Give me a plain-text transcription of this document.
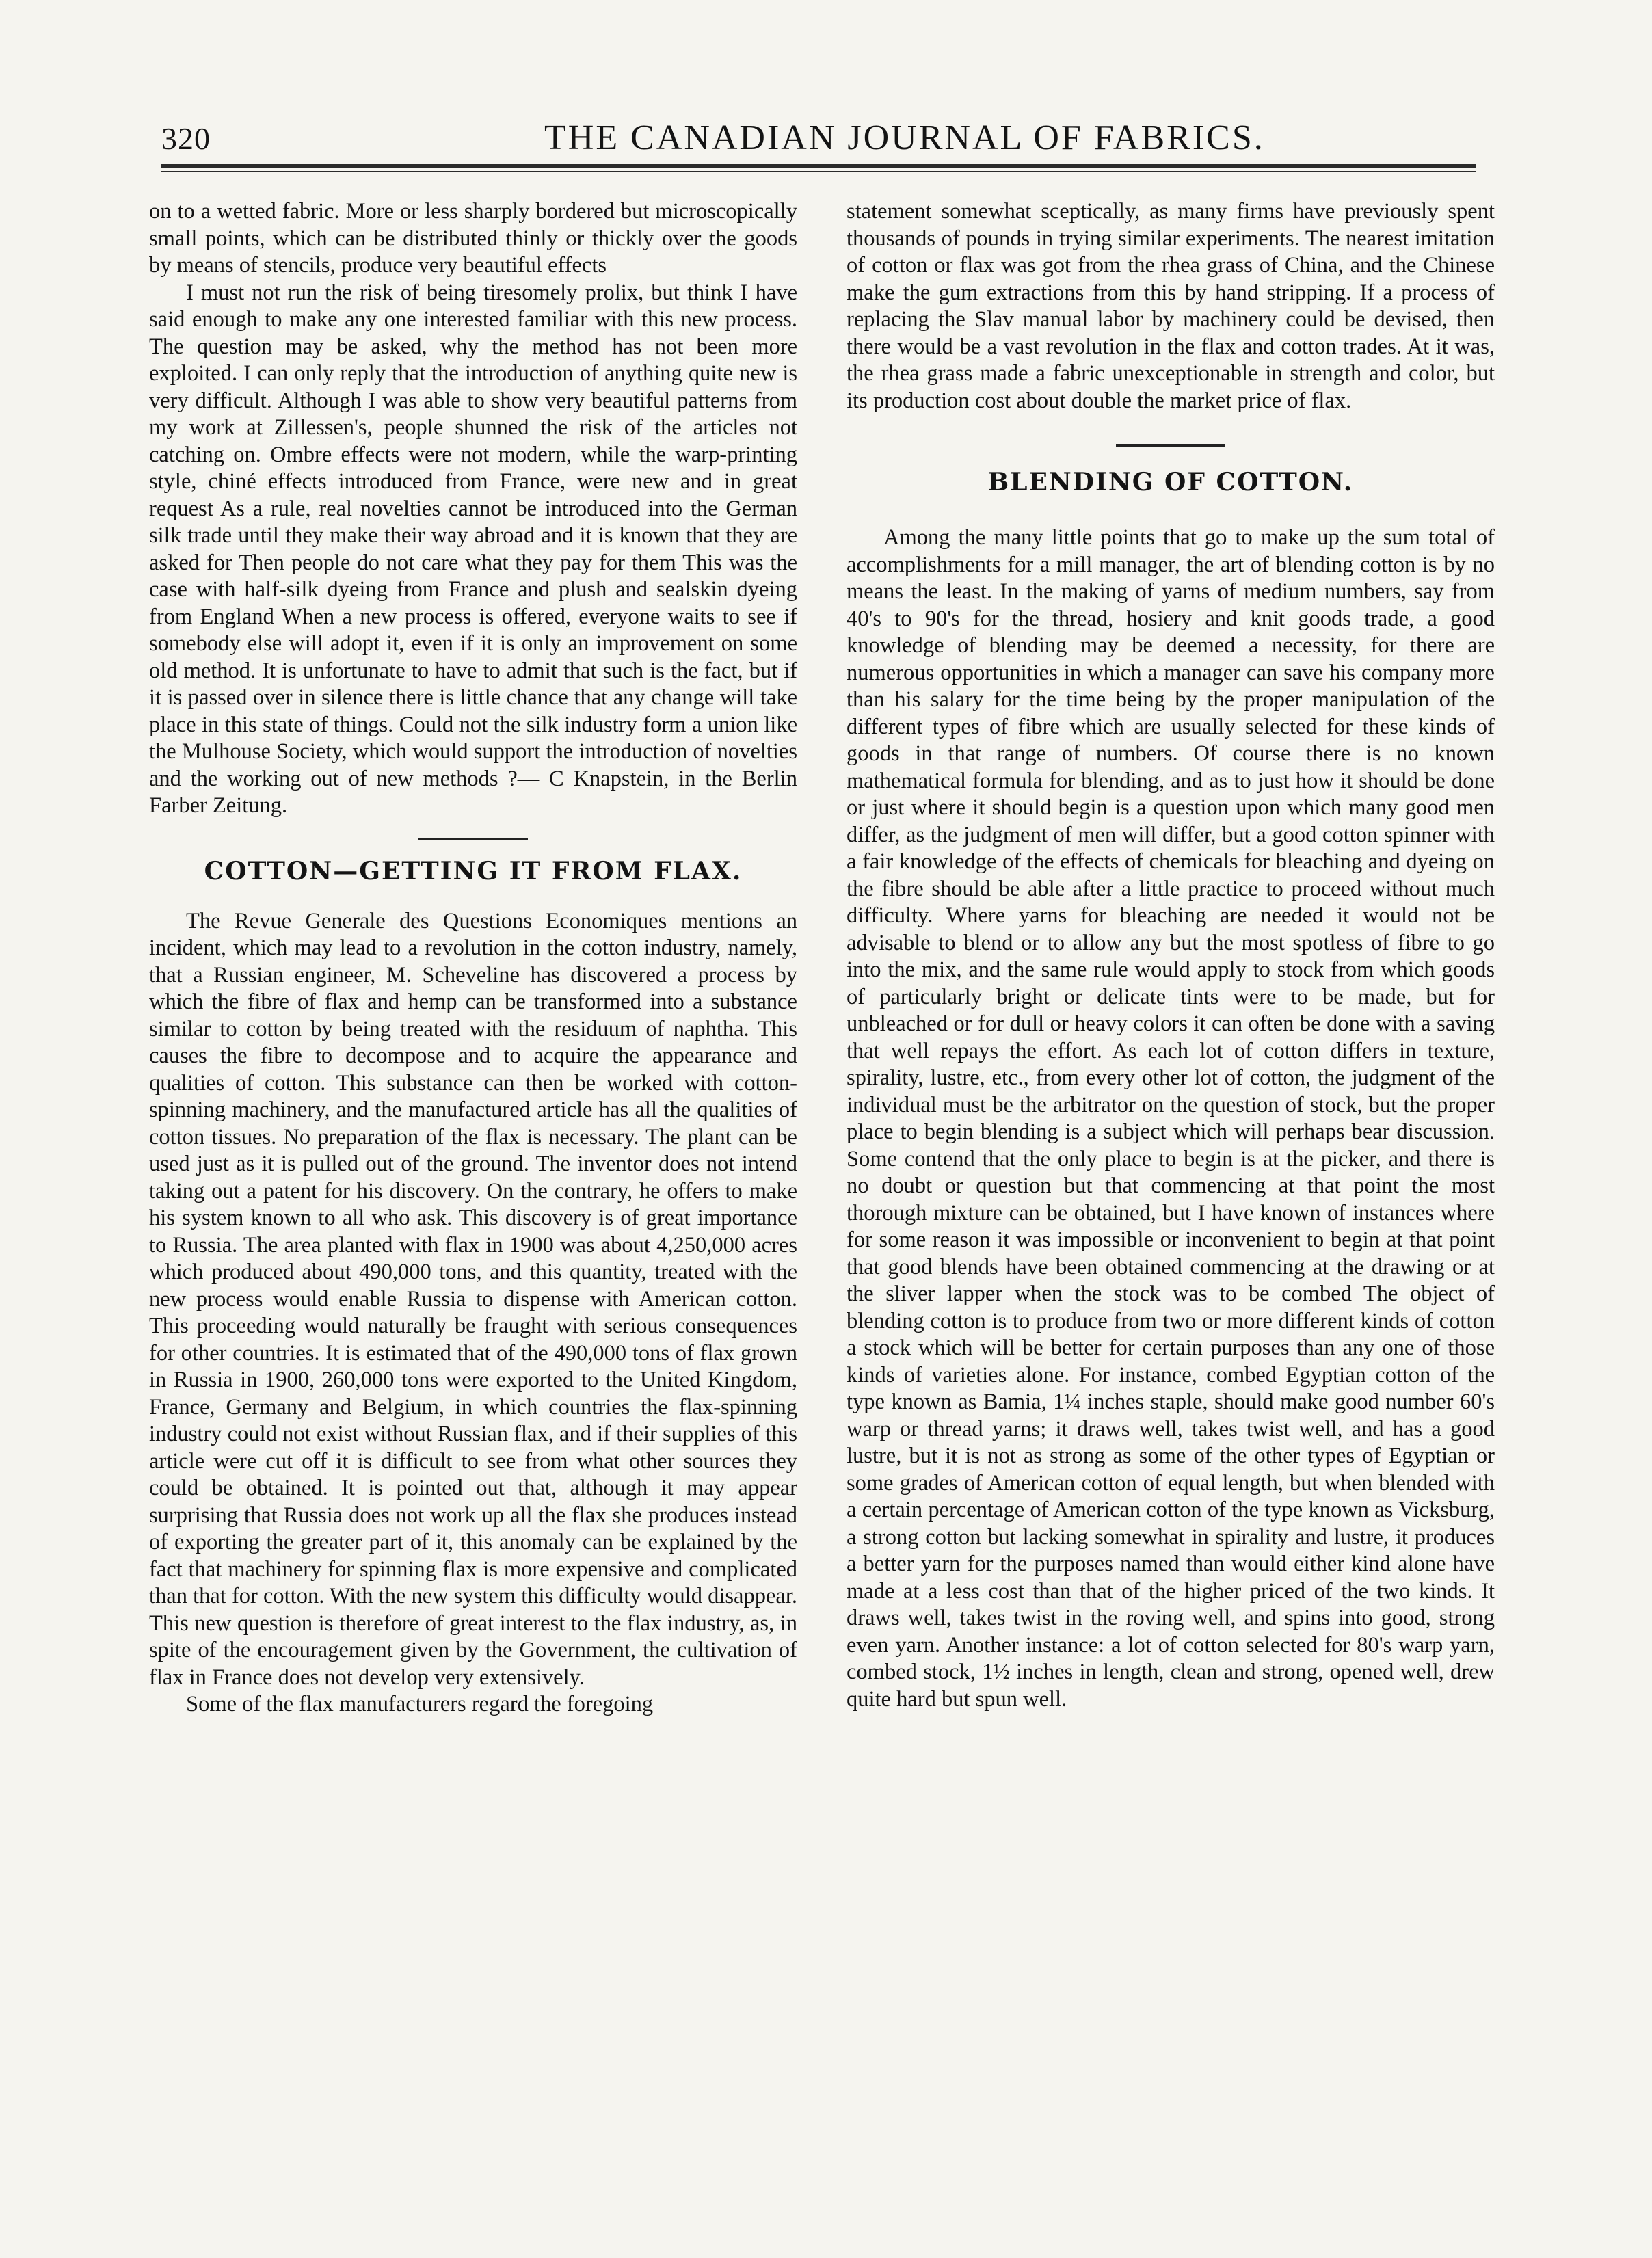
320	THE CANADIAN JOURNAL OF FABRICS.

on to a wetted fabric. More or less sharply bordered but microscopically small points, which can be distributed thinly or thickly over the goods by means of stencils, produce very beautiful effects

I must not run the risk of being tiresomely prolix, but think I have said enough to make any one interested familiar with this new process. The question may be asked, why the method has not been more exploited. I can only reply that the introduction of anything quite new is very difficult. Although I was able to show very beautiful patterns from my work at Zillessen's, people shunned the risk of the articles not catching on. Ombre effects were not modern, while the warp-printing style, chiné effects introduced from France, were new and in great request As a rule, real novelties cannot be introduced into the German silk trade until they make their way abroad and it is known that they are asked for Then people do not care what they pay for them This was the case with half-silk dyeing from France and plush and sealskin dyeing from England When a new process is offered, everyone waits to see if somebody else will adopt it, even if it is only an improvement on some old method. It is unfortunate to have to admit that such is the fact, but if it is passed over in silence there is little chance that any change will take place in this state of things. Could not the silk industry form a union like the Mulhouse Society, which would support the introduction of novelties and the working out of new methods ?— C Knapstein, in the Berlin Farber Zeitung.

COTTON—GETTING IT FROM FLAX.

The Revue Generale des Questions Economiques mentions an incident, which may lead to a revolution in the cotton industry, namely, that a Russian engineer, M. Scheveline has discovered a process by which the fibre of flax and hemp can be transformed into a substance similar to cotton by being treated with the residuum of naphtha. This causes the fibre to decompose and to acquire the appearance and qualities of cotton. This substance can then be worked with cotton-spinning machinery, and the manufactured article has all the qualities of cotton tissues. No preparation of the flax is necessary. The plant can be used just as it is pulled out of the ground. The inventor does not intend taking out a patent for his discovery. On the contrary, he offers to make his system known to all who ask. This discovery is of great importance to Russia. The area planted with flax in 1900 was about 4,250,000 acres which produced about 490,000 tons, and this quantity, treated with the new process would enable Russia to dispense with American cotton. This proceeding would naturally be fraught with serious consequences for other countries. It is estimated that of the 490,000 tons of flax grown in Russia in 1900, 260,000 tons were exported to the United Kingdom, France, Germany and Belgium, in which countries the flax-spinning industry could not exist without Russian flax, and if their supplies of this article were cut off it is difficult to see from what other sources they could be obtained. It is pointed out that, although it may appear surprising that Russia does not work up all the flax she produces instead of exporting the greater part of it, this anomaly can be explained by the fact that machinery for spinning flax is more expensive and complicated than that for cotton. With the new system this difficulty would disappear. This new question is therefore of great interest to the flax industry, as, in spite of the encouragement given by the Government, the cultivation of flax in France does not develop very extensively.

Some of the flax manufacturers regard the foregoing

statement somewhat sceptically, as many firms have previously spent thousands of pounds in trying similar experiments. The nearest imitation of cotton or flax was got from the rhea grass of China, and the Chinese make the gum extractions from this by hand stripping. If a process of replacing the Slav manual labor by machinery could be devised, then there would be a vast revolution in the flax and cotton trades. At it was, the rhea grass made a fabric unexceptionable in strength and color, but its production cost about double the market price of flax.

BLENDING OF COTTON.

Among the many little points that go to make up the sum total of accomplishments for a mill manager, the art of blending cotton is by no means the least. In the making of yarns of medium numbers, say from 40's to 90's for the thread, hosiery and knit goods trade, a good knowledge of blending may be deemed a necessity, for there are numerous opportunities in which a manager can save his company more than his salary for the time being by the proper manipulation of the different types of fibre which are usually selected for these kinds of goods in that range of numbers. Of course there is no known mathematical formula for blending, and as to just how it should be done or just where it should begin is a question upon which many good men differ, as the judgment of men will differ, but a good cotton spinner with a fair knowledge of the effects of chemicals for bleaching and dyeing on the fibre should be able after a little practice to proceed without much difficulty. Where yarns for bleaching are needed it would not be advisable to blend or to allow any but the most spotless of fibre to go into the mix, and the same rule would apply to stock from which goods of particularly bright or delicate tints were to be made, but for unbleached or for dull or heavy colors it can often be done with a saving that well repays the effort. As each lot of cotton differs in texture, spirality, lustre, etc., from every other lot of cotton, the judgment of the individual must be the arbitrator on the question of stock, but the proper place to begin blending is a subject which will perhaps bear discussion. Some contend that the only place to begin is at the picker, and there is no doubt or question but that commencing at that point the most thorough mixture can be obtained, but I have known of instances where for some reason it was impossible or inconvenient to begin at that point that good blends have been obtained commencing at the drawing or at the sliver lapper when the stock was to be combed The object of blending cotton is to produce from two or more different kinds of cotton a stock which will be better for certain purposes than any one of those kinds of varieties alone. For instance, combed Egyptian cotton of the type known as Bamia, 1¼ inches staple, should make good number 60's warp or thread yarns; it draws well, takes twist well, and has a good lustre, but it is not as strong as some of the other types of Egyptian or some grades of American cotton of equal length, but when blended with a certain percentage of American cotton of the type known as Vicksburg, a strong cotton but lacking somewhat in spirality and lustre, it produces a better yarn for the purposes named than would either kind alone have made at a less cost than that of the higher priced of the two kinds. It draws well, takes twist in the roving well, and spins into good, strong even yarn. Another instance: a lot of cotton selected for 80's warp yarn, combed stock, 1½ inches in length, clean and strong, opened well, drew quite hard but spun well.
